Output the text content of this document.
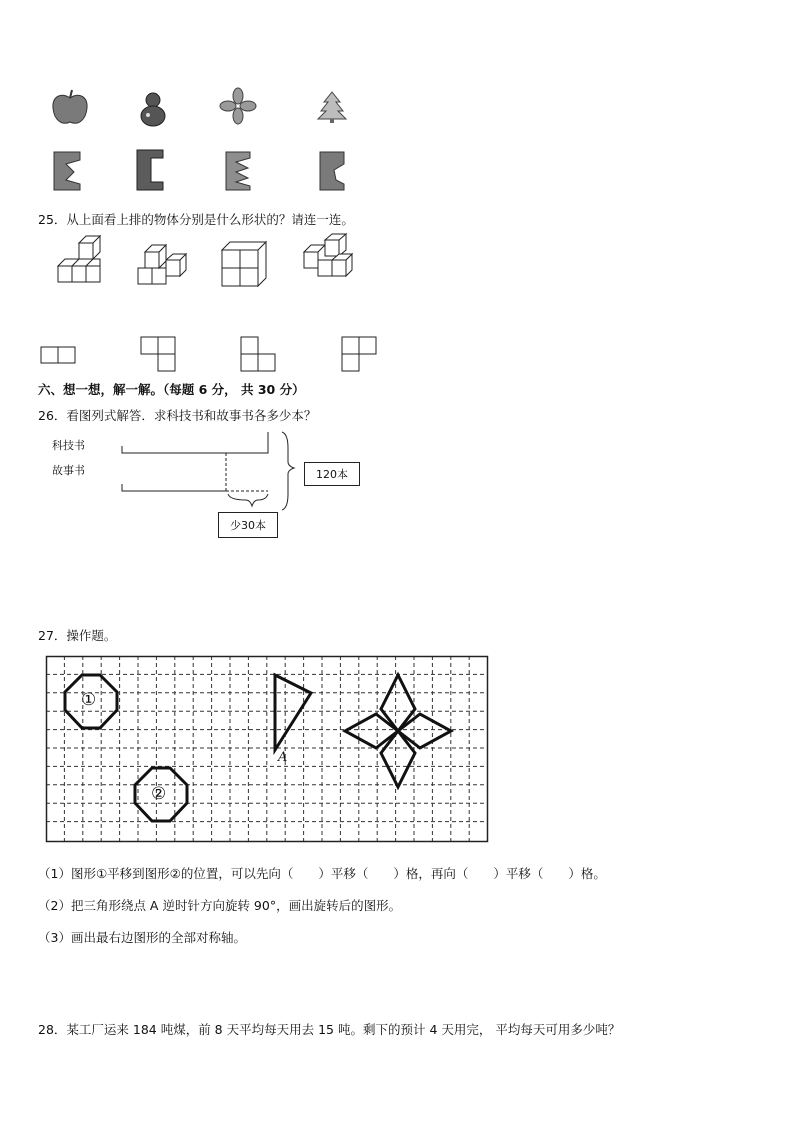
25．从上面看上排的物体分别是什么形状的？请连一连。
六、想一想，解一解。（每题 6 分， 共 30 分）
26．看图列式解答．求科技书和故事书各多少本？
科技书
故事书	120本
少30本
27．操作题。
①
②
A
（1）图形①平移到图形②的位置，可以先向（　　）平移（　　）格，再向（　　）平移（　　）格。
（2）把三角形绕点 A 逆时针方向旋转 90°，画出旋转后的图形。
（3）画出最右边图形的全部对称轴。
28．某工厂运来 184 吨煤，前 8 天平均每天用去 15 吨。剩下的预计 4 天用完， 平均每天可用多少吨？
